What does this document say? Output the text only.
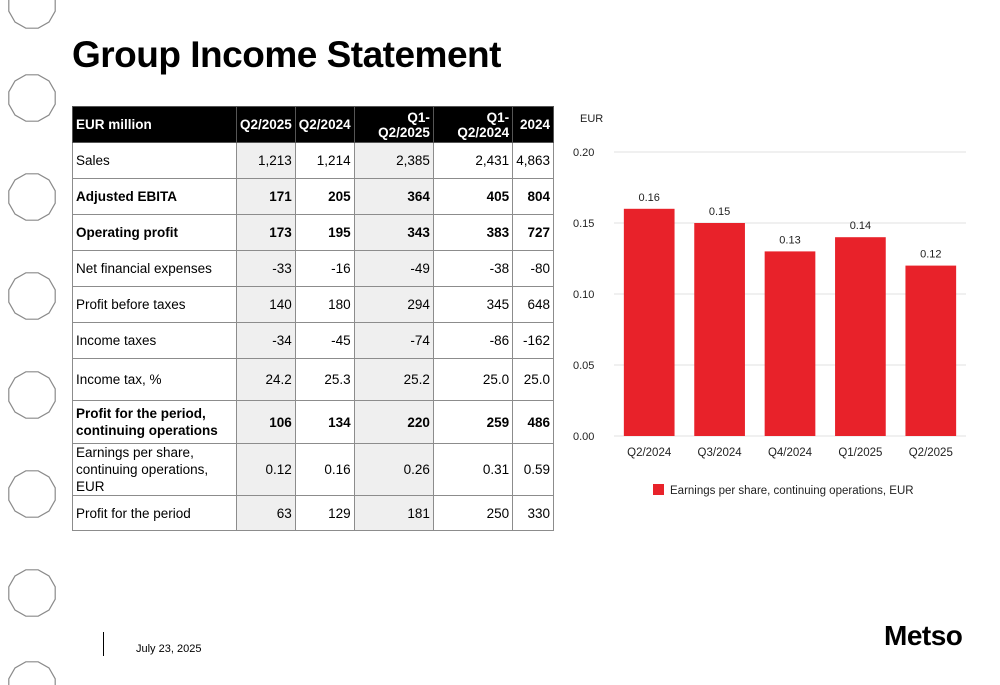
Group Income Statement
EUR million	Q2/2025	Q2/2024	Q1-Q2/2025	Q1-Q2/2024	2024
Sales	1,213	1,214	2,385	2,431	4,863
Adjusted EBITA	171	205	364	405	804
Operating profit	173	195	343	383	727
Net financial expenses	-33	-16	-49	-38	-80
Profit before taxes	140	180	294	345	648
Income taxes	-34	-45	-74	-86	-162
Income tax, %	24.2	25.3	25.2	25.0	25.0
Profit for the period, continuing operations	106	134	220	259	486
Earnings per share, continuing operations, EUR	0.12	0.16	0.26	0.31	0.59
Profit for the period	63	129	181	250	330
EUR
0.00
0.05
0.10
0.15
0.20
0.16
Q2/2024
0.15
Q3/2024
0.13
Q4/2024
0.14
Q1/2025
0.12
Q2/2025
Earnings per share, continuing operations, EUR
July 23, 2025	Metso
